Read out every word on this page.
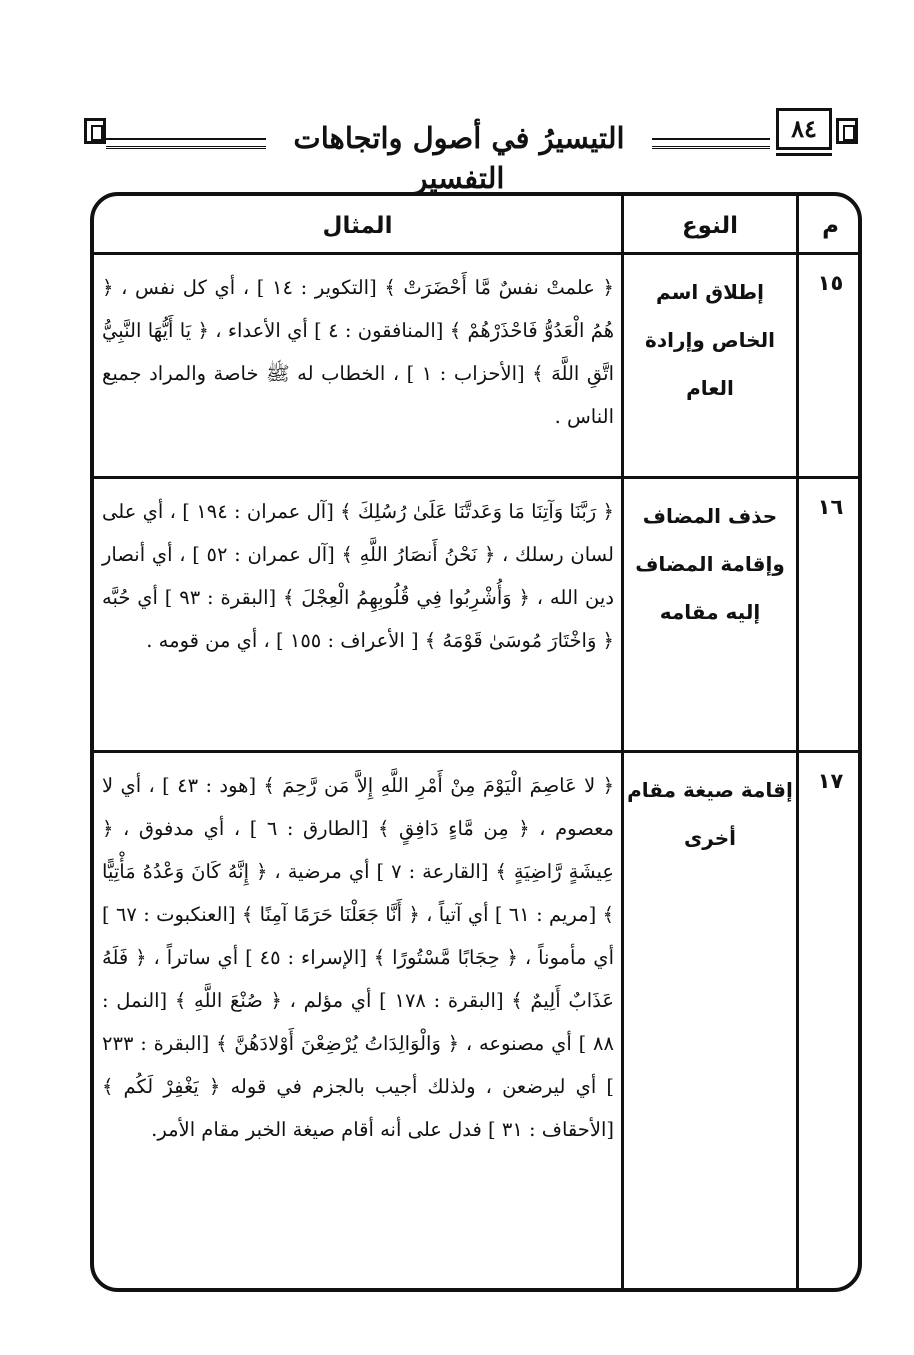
التيسيرُ في أصول واتجاهات التفسير
٨٤
م
النوع
المثال
١٥
إطلاق اسم الخاص وإرادة العام
﴿ علمتْ نفسٌ مَّا أَحْضَرَتْ ﴾ [التكوير : ١٤ ] ، أي كل نفس ، ﴿ هُمُ الْعَدُوُّ فَاحْذَرْهُمْ ﴾ [المنافقون : ٤ ] أي الأعداء ، ﴿ يَا أَيُّهَا النَّبِيُّ اتَّقِ اللَّهَ ﴾ [الأحزاب : ١ ] ، الخطاب له ﷺ خاصة والمراد جميع الناس .
١٦
حذف المضاف وإقامة المضاف إليه مقامه
﴿ رَبَّنَا وَآتِنَا مَا وَعَدتَّنَا عَلَىٰ رُسُلِكَ ﴾ [آل عمران : ١٩٤ ] ، أي على لسان رسلك ، ﴿ نَحْنُ أَنصَارُ اللَّهِ ﴾ [آل عمران : ٥٢ ] ، أي أنصار دين الله ، ﴿ وَأُشْرِبُوا فِي قُلُوبِهِمُ الْعِجْلَ ﴾ [البقرة : ٩٣ ] أي حُبَّه ﴿ وَاخْتَارَ مُوسَىٰ قَوْمَهُ ﴾ [ الأعراف : ١٥٥ ] ، أي من قومه .
١٧
إقامة صيغة مقام أخرى
﴿ لا عَاصِمَ الْيَوْمَ مِنْ أَمْرِ اللَّهِ إِلاَّ مَن رَّحِمَ ﴾ [هود : ٤٣ ] ، أي لا معصوم ، ﴿ مِن مَّاءٍ دَافِقٍ ﴾ [الطارق : ٦ ] ، أي مدفوق ، ﴿ عِيشَةٍ رَّاضِيَةٍ ﴾ [القارعة : ٧ ] أي مرضية ، ﴿ إِنَّهُ كَانَ وَعْدُهُ مَأْتِيًّا ﴾ [مريم : ٦١ ] أي آتياً ، ﴿ أَنَّا جَعَلْنَا حَرَمًا آمِنًا ﴾ [العنكبوت : ٦٧ ] أي مأموناً ، ﴿ حِجَابًا مَّسْتُورًا ﴾ [الإسراء : ٤٥ ] أي ساتراً ، ﴿ فَلَهُ عَذَابٌ أَلِيمٌ ﴾ [البقرة : ١٧٨ ] أي مؤلم ، ﴿ صُنْعَ اللَّهِ ﴾ [النمل : ٨٨ ] أي مصنوعه ، ﴿ وَالْوَالِدَاتُ يُرْضِعْنَ أَوْلادَهُنَّ ﴾ [البقرة : ٢٣٣ ] أي ليرضعن ، ولذلك أجيب بالجزم في قوله ﴿ يَغْفِرْ لَكُم ﴾ [الأحقاف : ٣١ ] فدل على أنه أقام صيغة الخبر مقام الأمر.
